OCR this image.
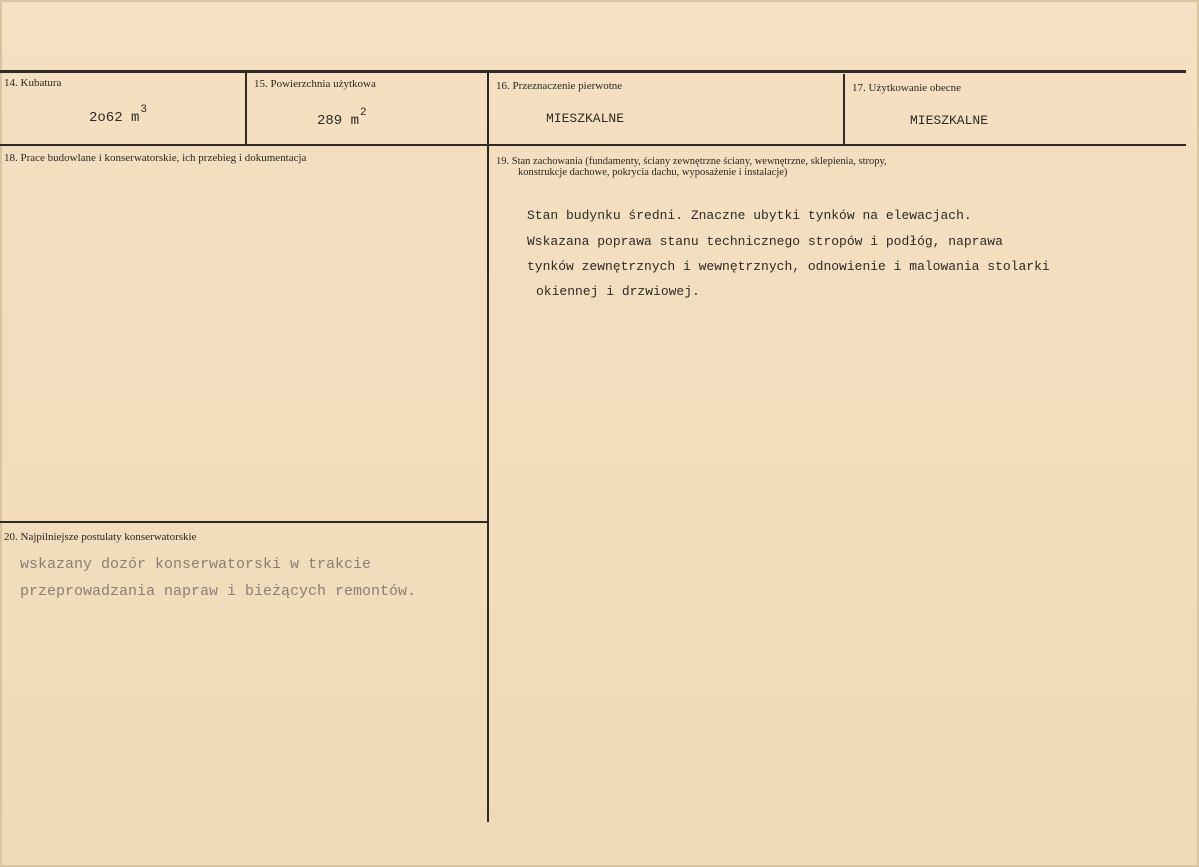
14. Kubatura
2o62 $m^3$
15. Powierzchnia użytkowa
289 $m^2$
16. Przeznaczenie pierwotne
MIESZKALNE
17. Użytkowanie obecne
MIESZKALNE
18. Prace budowlane i konserwatorskie, ich przebieg i dokumentacja	19. Stan zachowania (fundamenty, ściany zewnętrzne ściany, wewnętrzne, sklepienia, stropy,
konstrukcje dachowe, pokrycia dachu, wyposażenie i instalacje)
Stan budynku średni. Znaczne ubytki tynków na elewacjach.
Wskazana poprawa stanu technicznego stropów i podłóg, naprawa
tynków zewnętrznych i wewnętrznych, odnowienie i malowania stolarki
okiennej i drzwiowej.
20. Najpilniejsze postulaty konserwatorskie
wskazany dozór konserwatorski w trakcie
przeprowadzania napraw i bieżących remontów.
